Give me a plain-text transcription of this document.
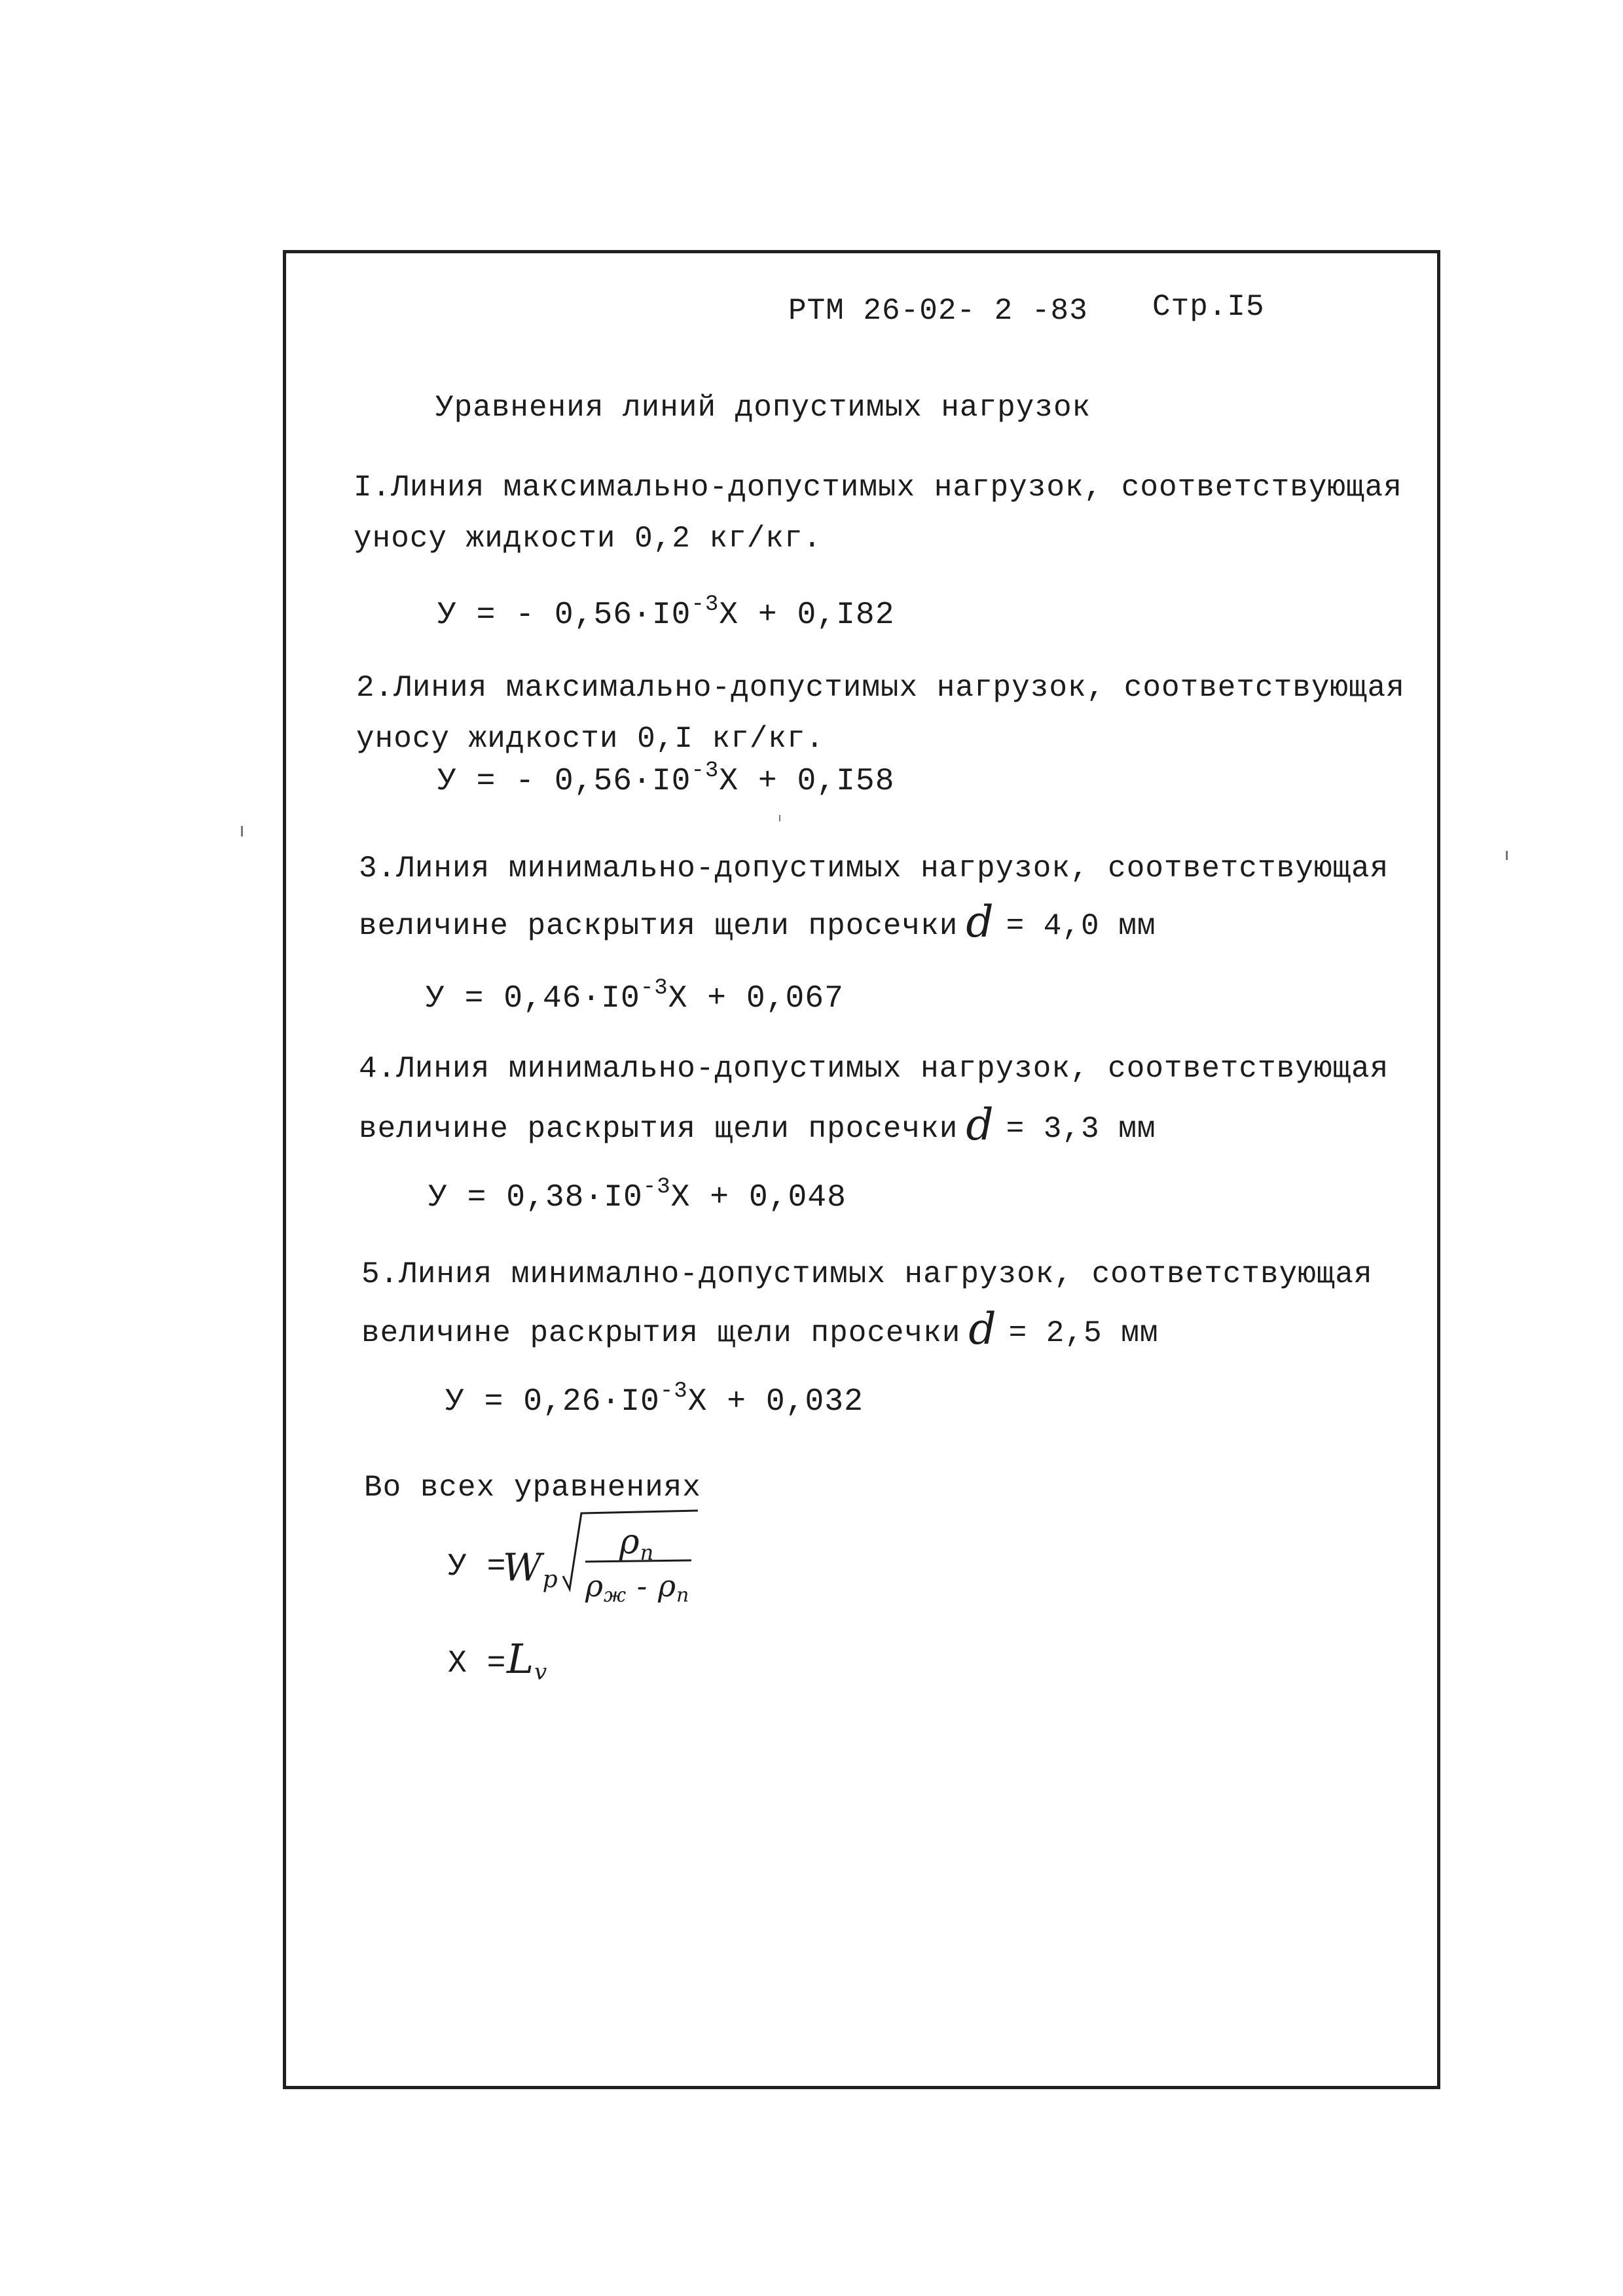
РТМ 26-02- 2 -83 Стр.I5
Уравнения линий допустимых нагрузок
I.Линия максимально-допустимых нагрузок, соответствующая
уносу жидкости 0,2 кг/кг.
У = - $0,56\cdot I0^{-3}Х + 0,I82$
2.Линия максимально-допустимых нагрузок, соответствующая
уносу жидкости 0,I кг/кг.
У = - $0,56\cdot I0^{-3}Х + 0,I58$
3.Линия минимально-допустимых нагрузок, соответствующая
величине раскрытия щели просечки d = 4,0 мм
$У = 0,46\cdot I0^{-3}Х + 0,067$
4.Линия минимально-допустимых нагрузок, соответствующая
величине раскрытия щели просечки d = 3,3 мм
$У = 0,38\cdot I0^{-3}Х + 0,048$
5.Линия минимално-допустимых нагрузок, соответствующая
величине раскрытия щели просечки d = 2,5 мм
$У = 0,26\cdot I0^{-3}Х + 0,032$
Во всех уравнениях
У =
Wp
ρп
ρж - ρп
Х = Lv
